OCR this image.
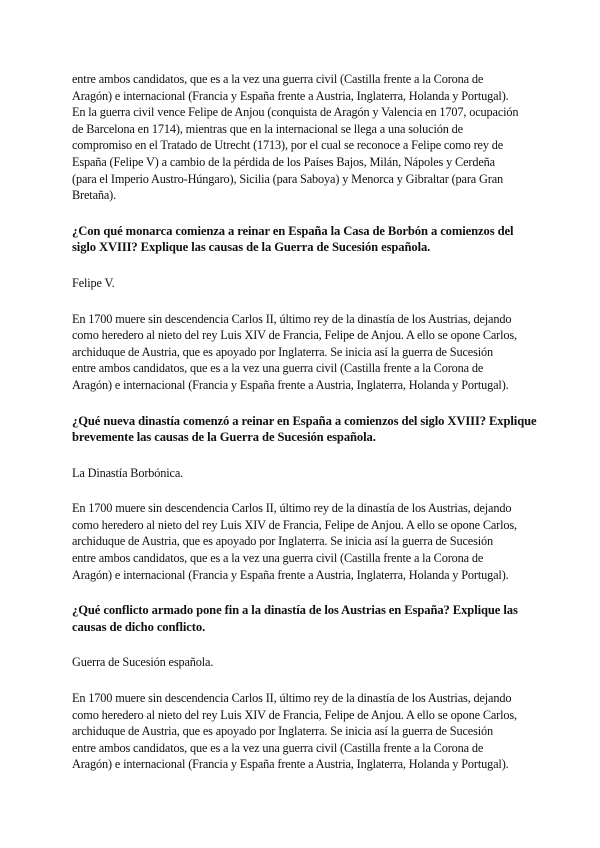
entre ambos candidatos, que es a la vez una guerra civil (Castilla frente a la Corona de
Aragón) e internacional (Francia y España frente a Austria, Inglaterra, Holanda y Portugal).
En la guerra civil vence Felipe de Anjou (conquista de Aragón y Valencia en 1707, ocupación
de Barcelona en 1714), mientras que en la internacional se llega a una solución de
compromiso en el Tratado de Utrecht (1713), por el cual se reconoce a Felipe como rey de
España (Felipe V) a cambio de la pérdida de los Países Bajos, Milán, Nápoles y Cerdeña
(para el Imperio Austro-Húngaro), Sicilia (para Saboya) y Menorca y Gibraltar (para Gran
Bretaña).

¿Con qué monarca comienza a reinar en España la Casa de Borbón a comienzos del
siglo XVIII? Explique las causas de la Guerra de Sucesión española.

Felipe V.

En 1700 muere sin descendencia Carlos II, último rey de la dinastía de los Austrias, dejando
como heredero al nieto del rey Luis XIV de Francia, Felipe de Anjou. A ello se opone Carlos,
archiduque de Austria, que es apoyado por Inglaterra. Se inicia así la guerra de Sucesión
entre ambos candidatos, que es a la vez una guerra civil (Castilla frente a la Corona de
Aragón) e internacional (Francia y España frente a Austria, Inglaterra, Holanda y Portugal).

¿Qué nueva dinastía comenzó a reinar en España a comienzos del siglo XVIII? Explique
brevemente las causas de la Guerra de Sucesión española.

La Dinastía Borbónica.

En 1700 muere sin descendencia Carlos II, último rey de la dinastía de los Austrias, dejando
como heredero al nieto del rey Luis XIV de Francia, Felipe de Anjou. A ello se opone Carlos,
archiduque de Austria, que es apoyado por Inglaterra. Se inicia así la guerra de Sucesión
entre ambos candidatos, que es a la vez una guerra civil (Castilla frente a la Corona de
Aragón) e internacional (Francia y España frente a Austria, Inglaterra, Holanda y Portugal).

¿Qué conflicto armado pone fin a la dinastía de los Austrias en España? Explique las
causas de dicho conflicto.

Guerra de Sucesión española.

En 1700 muere sin descendencia Carlos II, último rey de la dinastía de los Austrias, dejando
como heredero al nieto del rey Luis XIV de Francia, Felipe de Anjou. A ello se opone Carlos,
archiduque de Austria, que es apoyado por Inglaterra. Se inicia así la guerra de Sucesión
entre ambos candidatos, que es a la vez una guerra civil (Castilla frente a la Corona de
Aragón) e internacional (Francia y España frente a Austria, Inglaterra, Holanda y Portugal).
